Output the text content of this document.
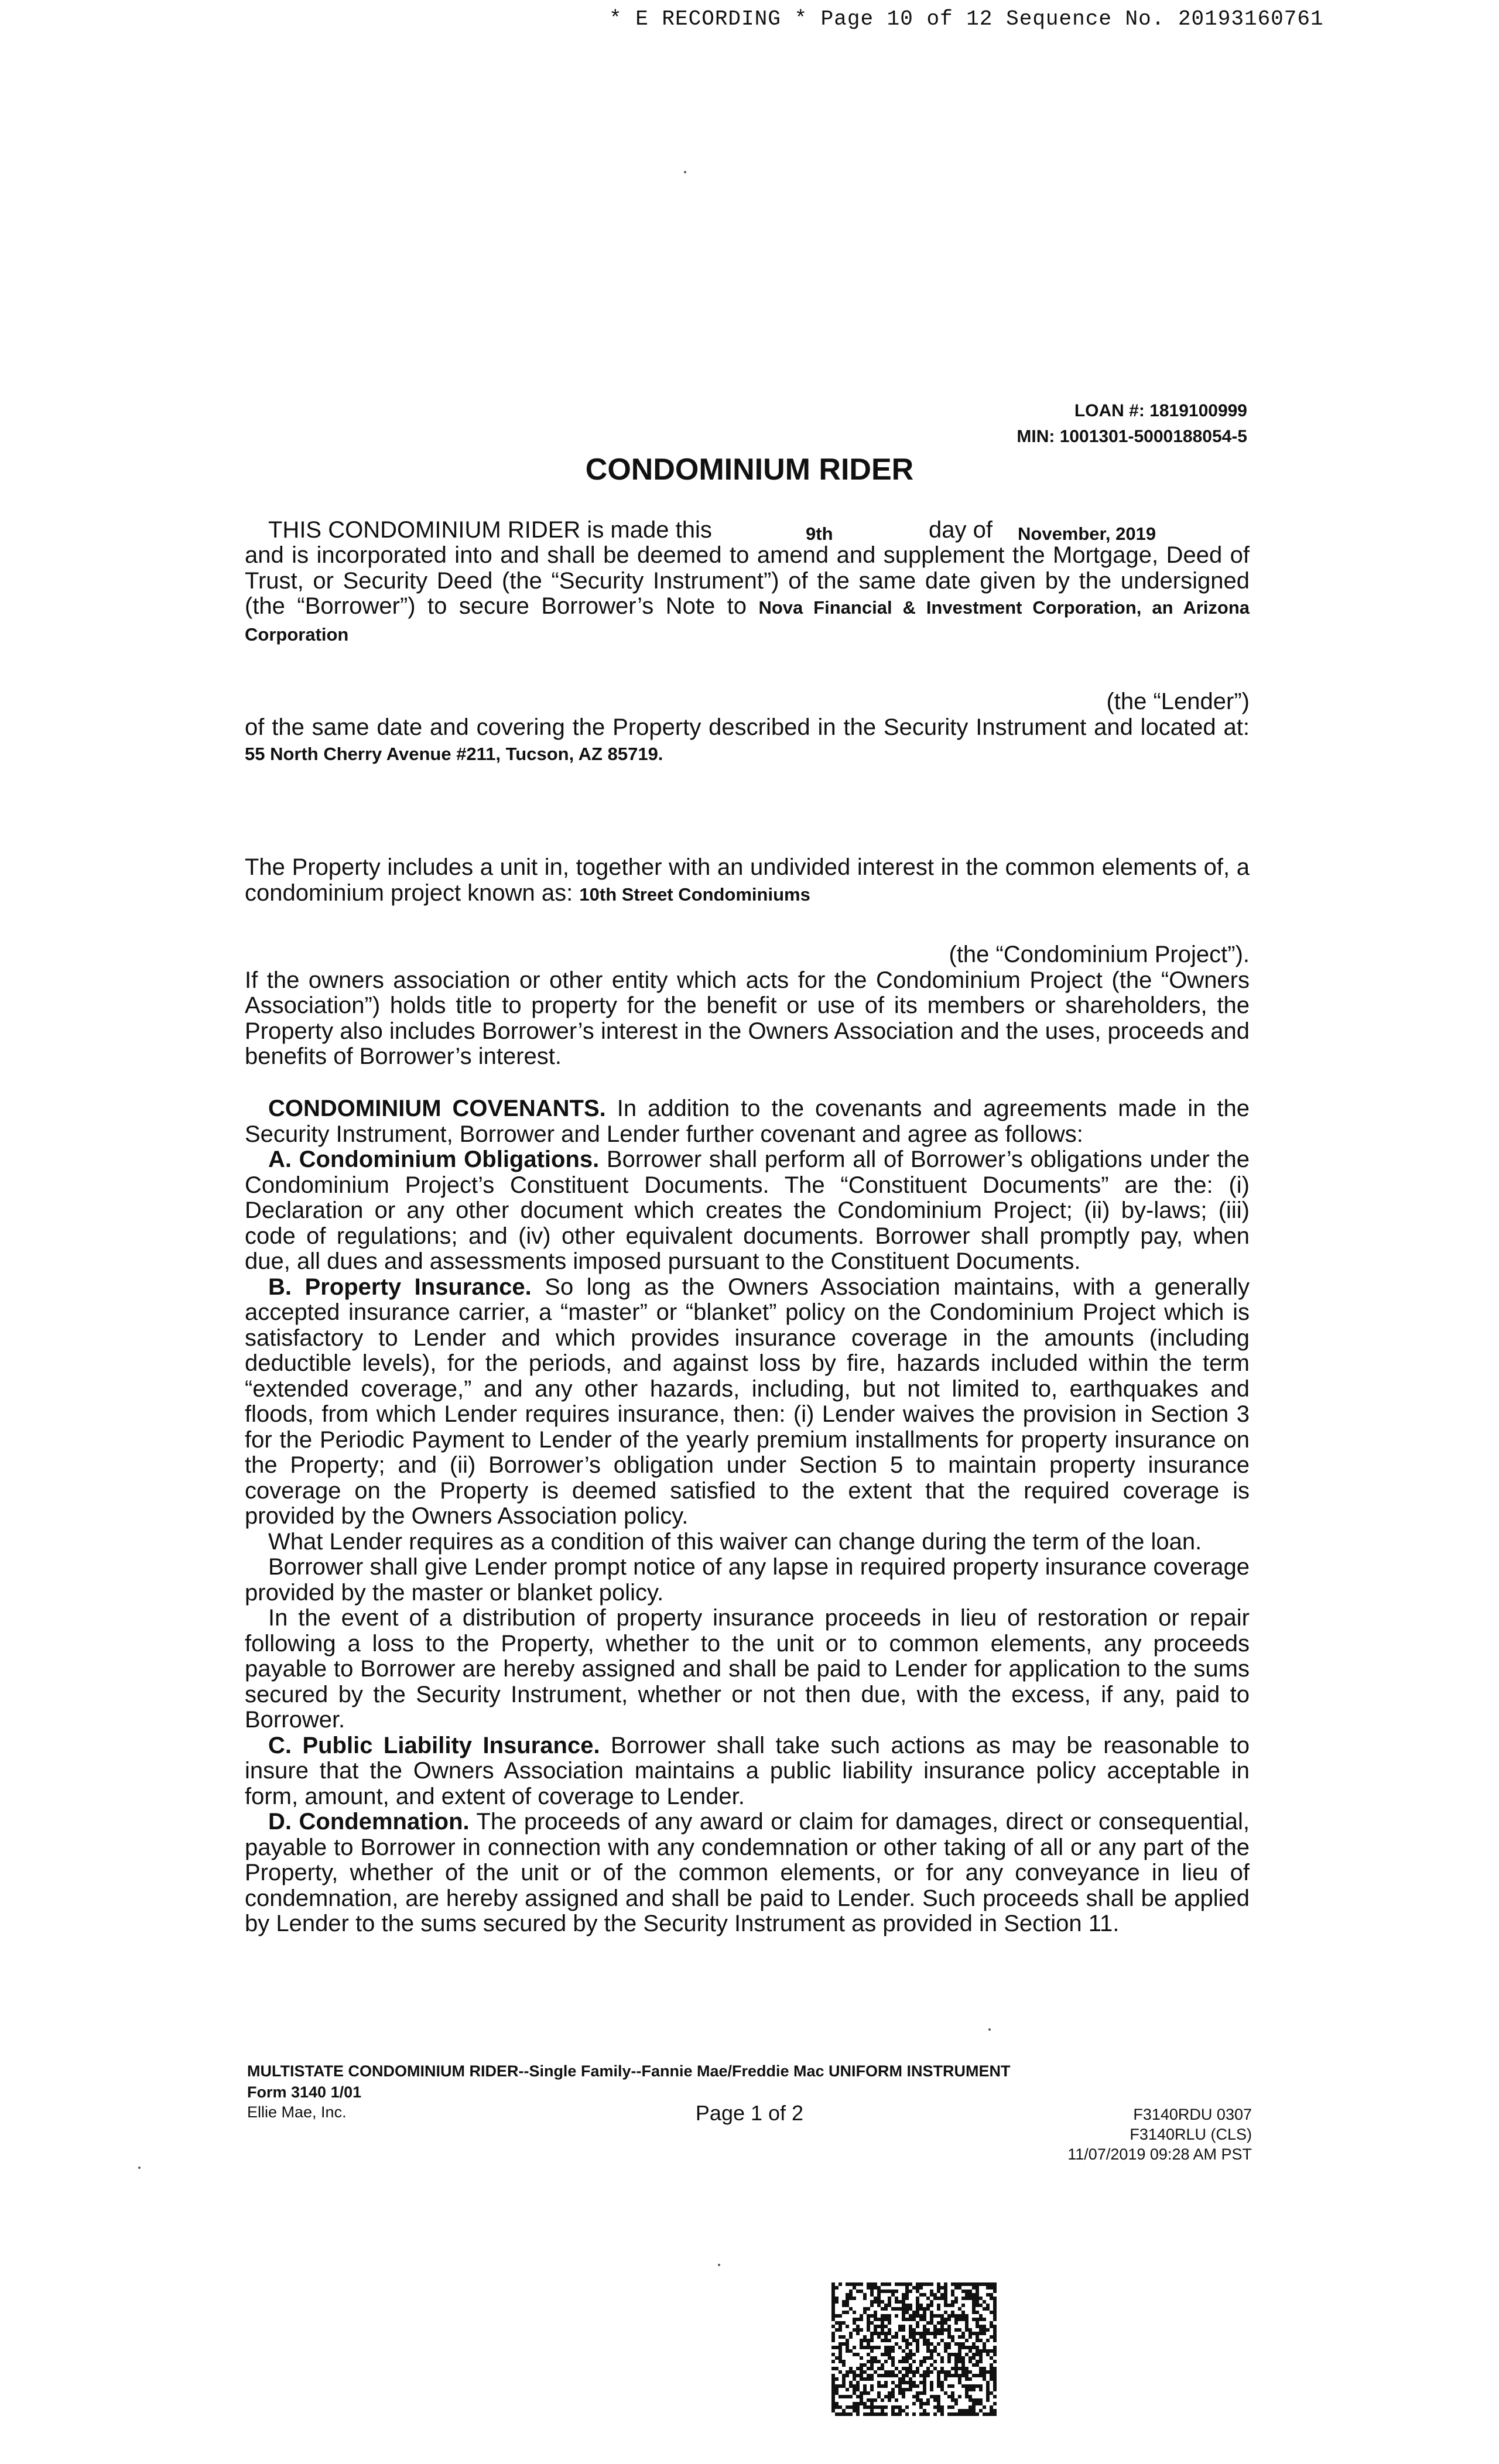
* E RECORDING * Page 10 of 12 Sequence No. 20193160761
LOAN #: 1819100999
MIN: 1001301-5000188054-5
CONDOMINIUM RIDER
THIS CONDOMINIUM RIDER is made this	9th	day of November, 2019

and is incorporated into and shall be deemed to amend and supplement the Mortgage, Deed of Trust, or Security Deed (the “Security Instrument”) of the same date given by the undersigned (the “Borrower”) to secure Borrower’s Note to Nova Financial & Investment Corporation, an Arizona Corporation

(the “Lender”)

of the same date and covering the Property described in the Security Instrument and located at: 55 North Cherry Avenue #211, Tucson, AZ 85719.

The Property includes a unit in, together with an undivided interest in the common elements of, a condominium project known as: 10th Street Condominiums

(the “Condominium Project”).

If the owners association or other entity which acts for the Condominium Project (the “Owners Association”) holds title to property for the benefit or use of its members or shareholders, the Property also includes Borrower’s interest in the Owners Association and the uses, proceeds and benefits of Borrower’s interest.

CONDOMINIUM COVENANTS. In addition to the covenants and agreements made in the Security Instrument, Borrower and Lender further covenant and agree as follows:

A. Condominium Obligations. Borrower shall perform all of Borrower’s obligations under the Condominium Project’s Constituent Documents. The “Constituent Documents” are the: (i) Declaration or any other document which creates the Condominium Project; (ii) by-laws; (iii) code of regulations; and (iv) other equivalent documents. Borrower shall promptly pay, when due, all dues and assessments imposed pursuant to the Constituent Documents.

B. Property Insurance. So long as the Owners Association maintains, with a generally accepted insurance carrier, a “master” or “blanket” policy on the Condominium Project which is satisfactory to Lender and which provides insurance coverage in the amounts (including deductible levels), for the periods, and against loss by fire, hazards included within the term “extended coverage,” and any other hazards, including, but not limited to, earthquakes and floods, from which Lender requires insurance, then: (i) Lender waives the provision in Section 3 for the Periodic Payment to Lender of the yearly premium installments for property insurance on the Property; and (ii) Borrower’s obligation under Section 5 to maintain property insurance coverage on the Property is deemed satisfied to the extent that the required coverage is provided by the Owners Association policy.

What Lender requires as a condition of this waiver can change during the term of the loan.

Borrower shall give Lender prompt notice of any lapse in required property insurance coverage provided by the master or blanket policy.

In the event of a distribution of property insurance proceeds in lieu of restoration or repair following a loss to the Property, whether to the unit or to common elements, any proceeds payable to Borrower are hereby assigned and shall be paid to Lender for application to the sums secured by the Security Instrument, whether or not then due, with the excess, if any, paid to Borrower.

C. Public Liability Insurance. Borrower shall take such actions as may be reasonable to insure that the Owners Association maintains a public liability insurance policy acceptable in form, amount, and extent of coverage to Lender.

D. Condemnation. The proceeds of any award or claim for damages, direct or consequential, payable to Borrower in connection with any condemnation or other taking of all or any part of the Property, whether of the unit or of the common elements, or for any conveyance in lieu of condemnation, are hereby assigned and shall be paid to Lender. Such proceeds shall be applied by Lender to the sums secured by the Security Instrument as provided in Section 11.

MULTISTATE CONDOMINIUM RIDER--Single Family--Fannie Mae/Freddie Mac UNIFORM INSTRUMENT
Form 3140 1/01
Ellie Mae, Inc.	Page 1 of 2	F3140RDU 0307
F3140RLU (CLS)
11/07/2019 09:28 AM PST
